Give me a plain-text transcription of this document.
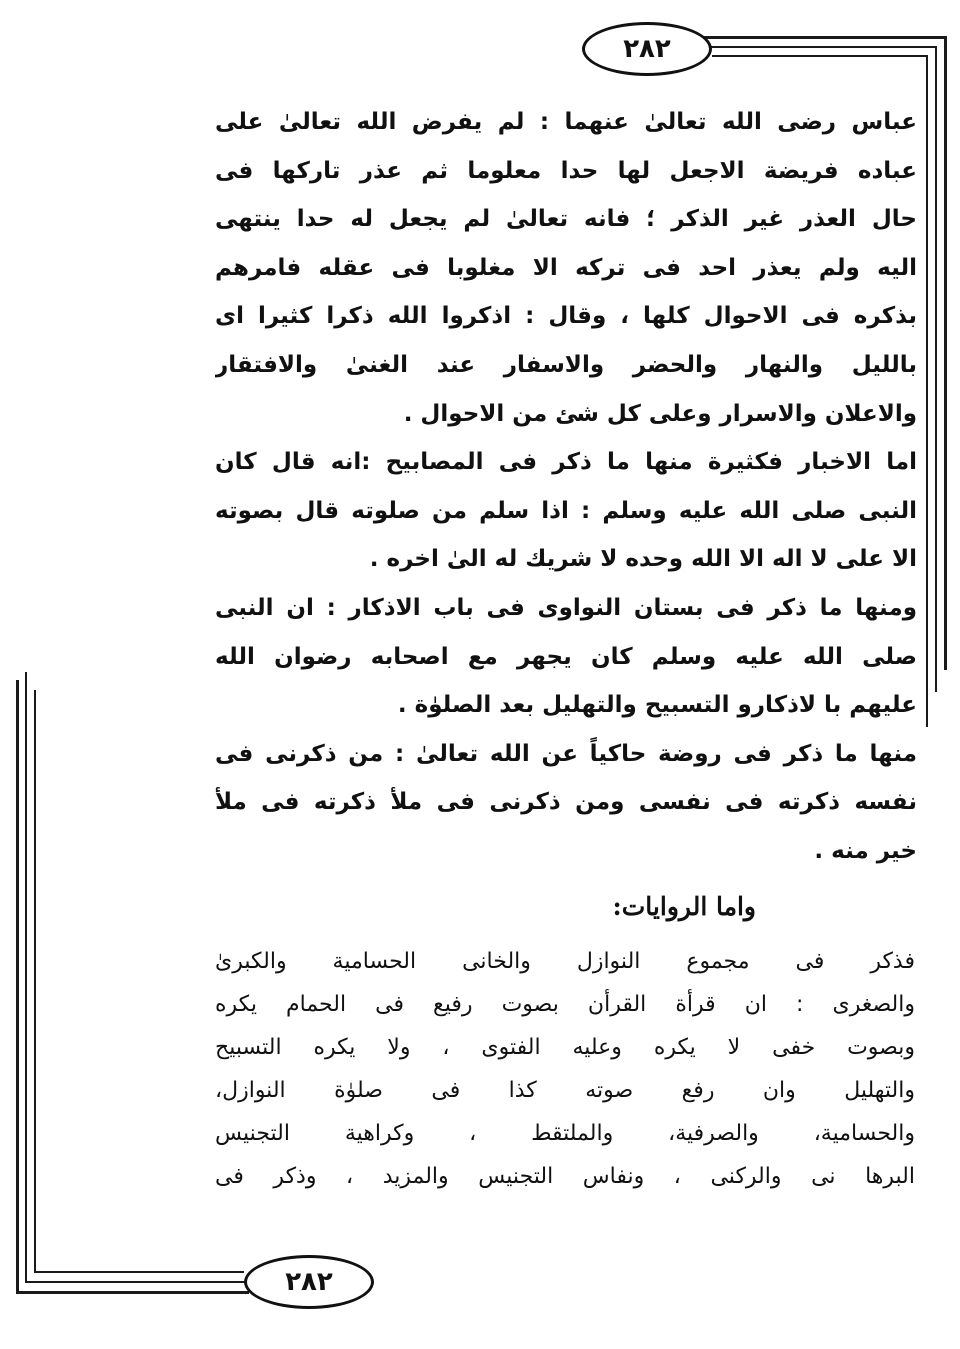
٢٨٢
٢٨٢
عباس رضى الله تعالىٰ عنهما : لم يفرض الله تعالىٰ على
عباده فريضة الاجعل لها حدا معلوما ثم عذر تاركها فى
حال العذر غير الذكر ؛ فانه تعالىٰ لم يجعل له حدا ينتهى
اليه ولم يعذر احد فى تركه الا مغلوبا فى عقله فامرهم
بذكره فى الاحوال كلها ، وقال : اذكروا الله ذكرا كثيرا اى
بالليل والنهار والحضر والاسفار عند الغنىٰ والافتقار
والاعلان والاسرار وعلى كل شئ من الاحوال .
اما الاخبار فكثيرة منها ما ذكر فى المصابيح :انه قال كان
النبى صلى الله عليه وسلم : اذا سلم من صلوته قال بصوته
الا على لا اله الا الله وحده لا شريك له الىٰ اخره .
ومنها ما ذكر فى بستان النواوى فى باب الاذكار : ان النبى
صلى الله عليه وسلم كان يجهر مع اصحابه رضوان الله
عليهم با لاذكارو التسبيح والتهليل بعد الصلوٰة .
منها ما ذكر فى روضة حاكياً عن الله تعالىٰ : من ذكرنى فى
نفسه ذكرته فى نفسى ومن ذكرنى فى ملأ ذكرته فى ملأ
خير منه .
واما الروايات:
فذكر فى مجموع النوازل والخانى الحسامية والكبرىٰ
والصغرى : ان قرأة القرأن بصوت رفيع فى الحمام يكره
وبصوت خفى لا يكره وعليه الفتوى ، ولا يكره التسبيح
والتهليل وان رفع صوته كذا فى صلوٰة النوازل،
والحسامية، والصرفية، والملتقط ، وكراهية التجنيس
البرها نى والركنى ، ونفاس التجنيس والمزيد ، وذكر فى
